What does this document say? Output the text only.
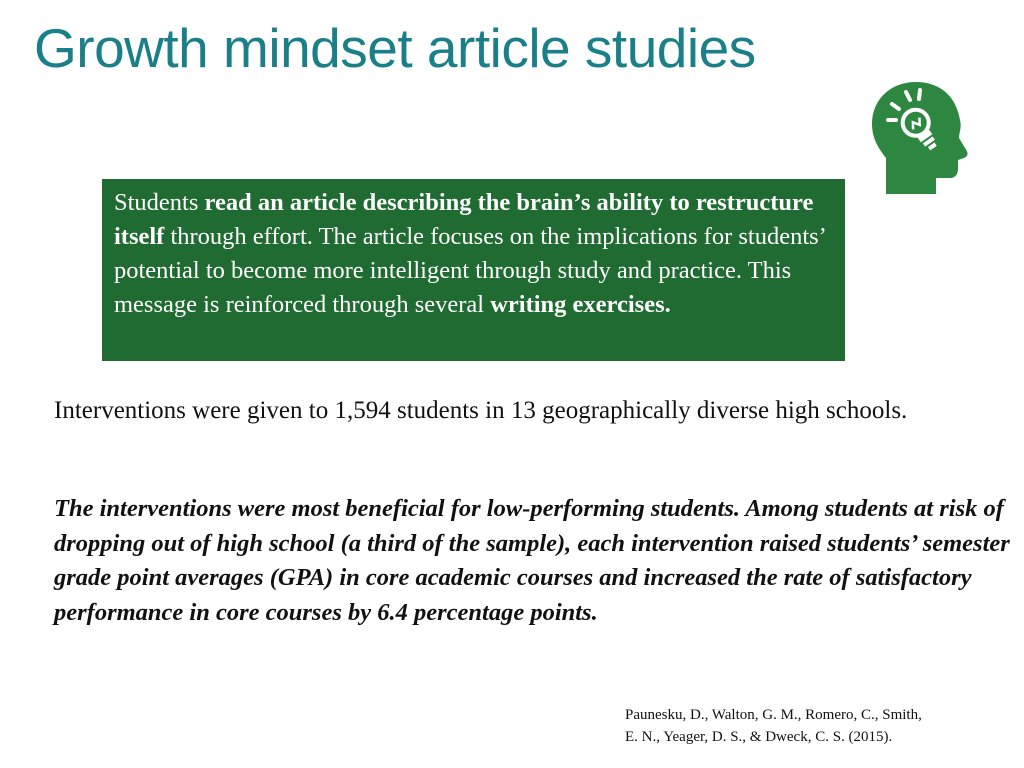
Growth mindset article studies
Students read an article describing the brain’s ability to restructure itself through effort. The article focuses on the implications for students’ potential to become more intelligent through study and practice. This message is reinforced through several writing exercises.

Interventions were given to 1,594 students in 13 geographically diverse high schools.

The interventions were most beneficial for low-performing students. Among students at risk of dropping out of high school (a third of the sample), each intervention raised students’ semester grade point averages (GPA) in core academic courses and increased the rate of satisfactory performance in core courses by 6.4 percentage points.

Paunesku, D., Walton, G. M., Romero, C., Smith,
E. N., Yeager, D. S., & Dweck, C. S. (2015).
